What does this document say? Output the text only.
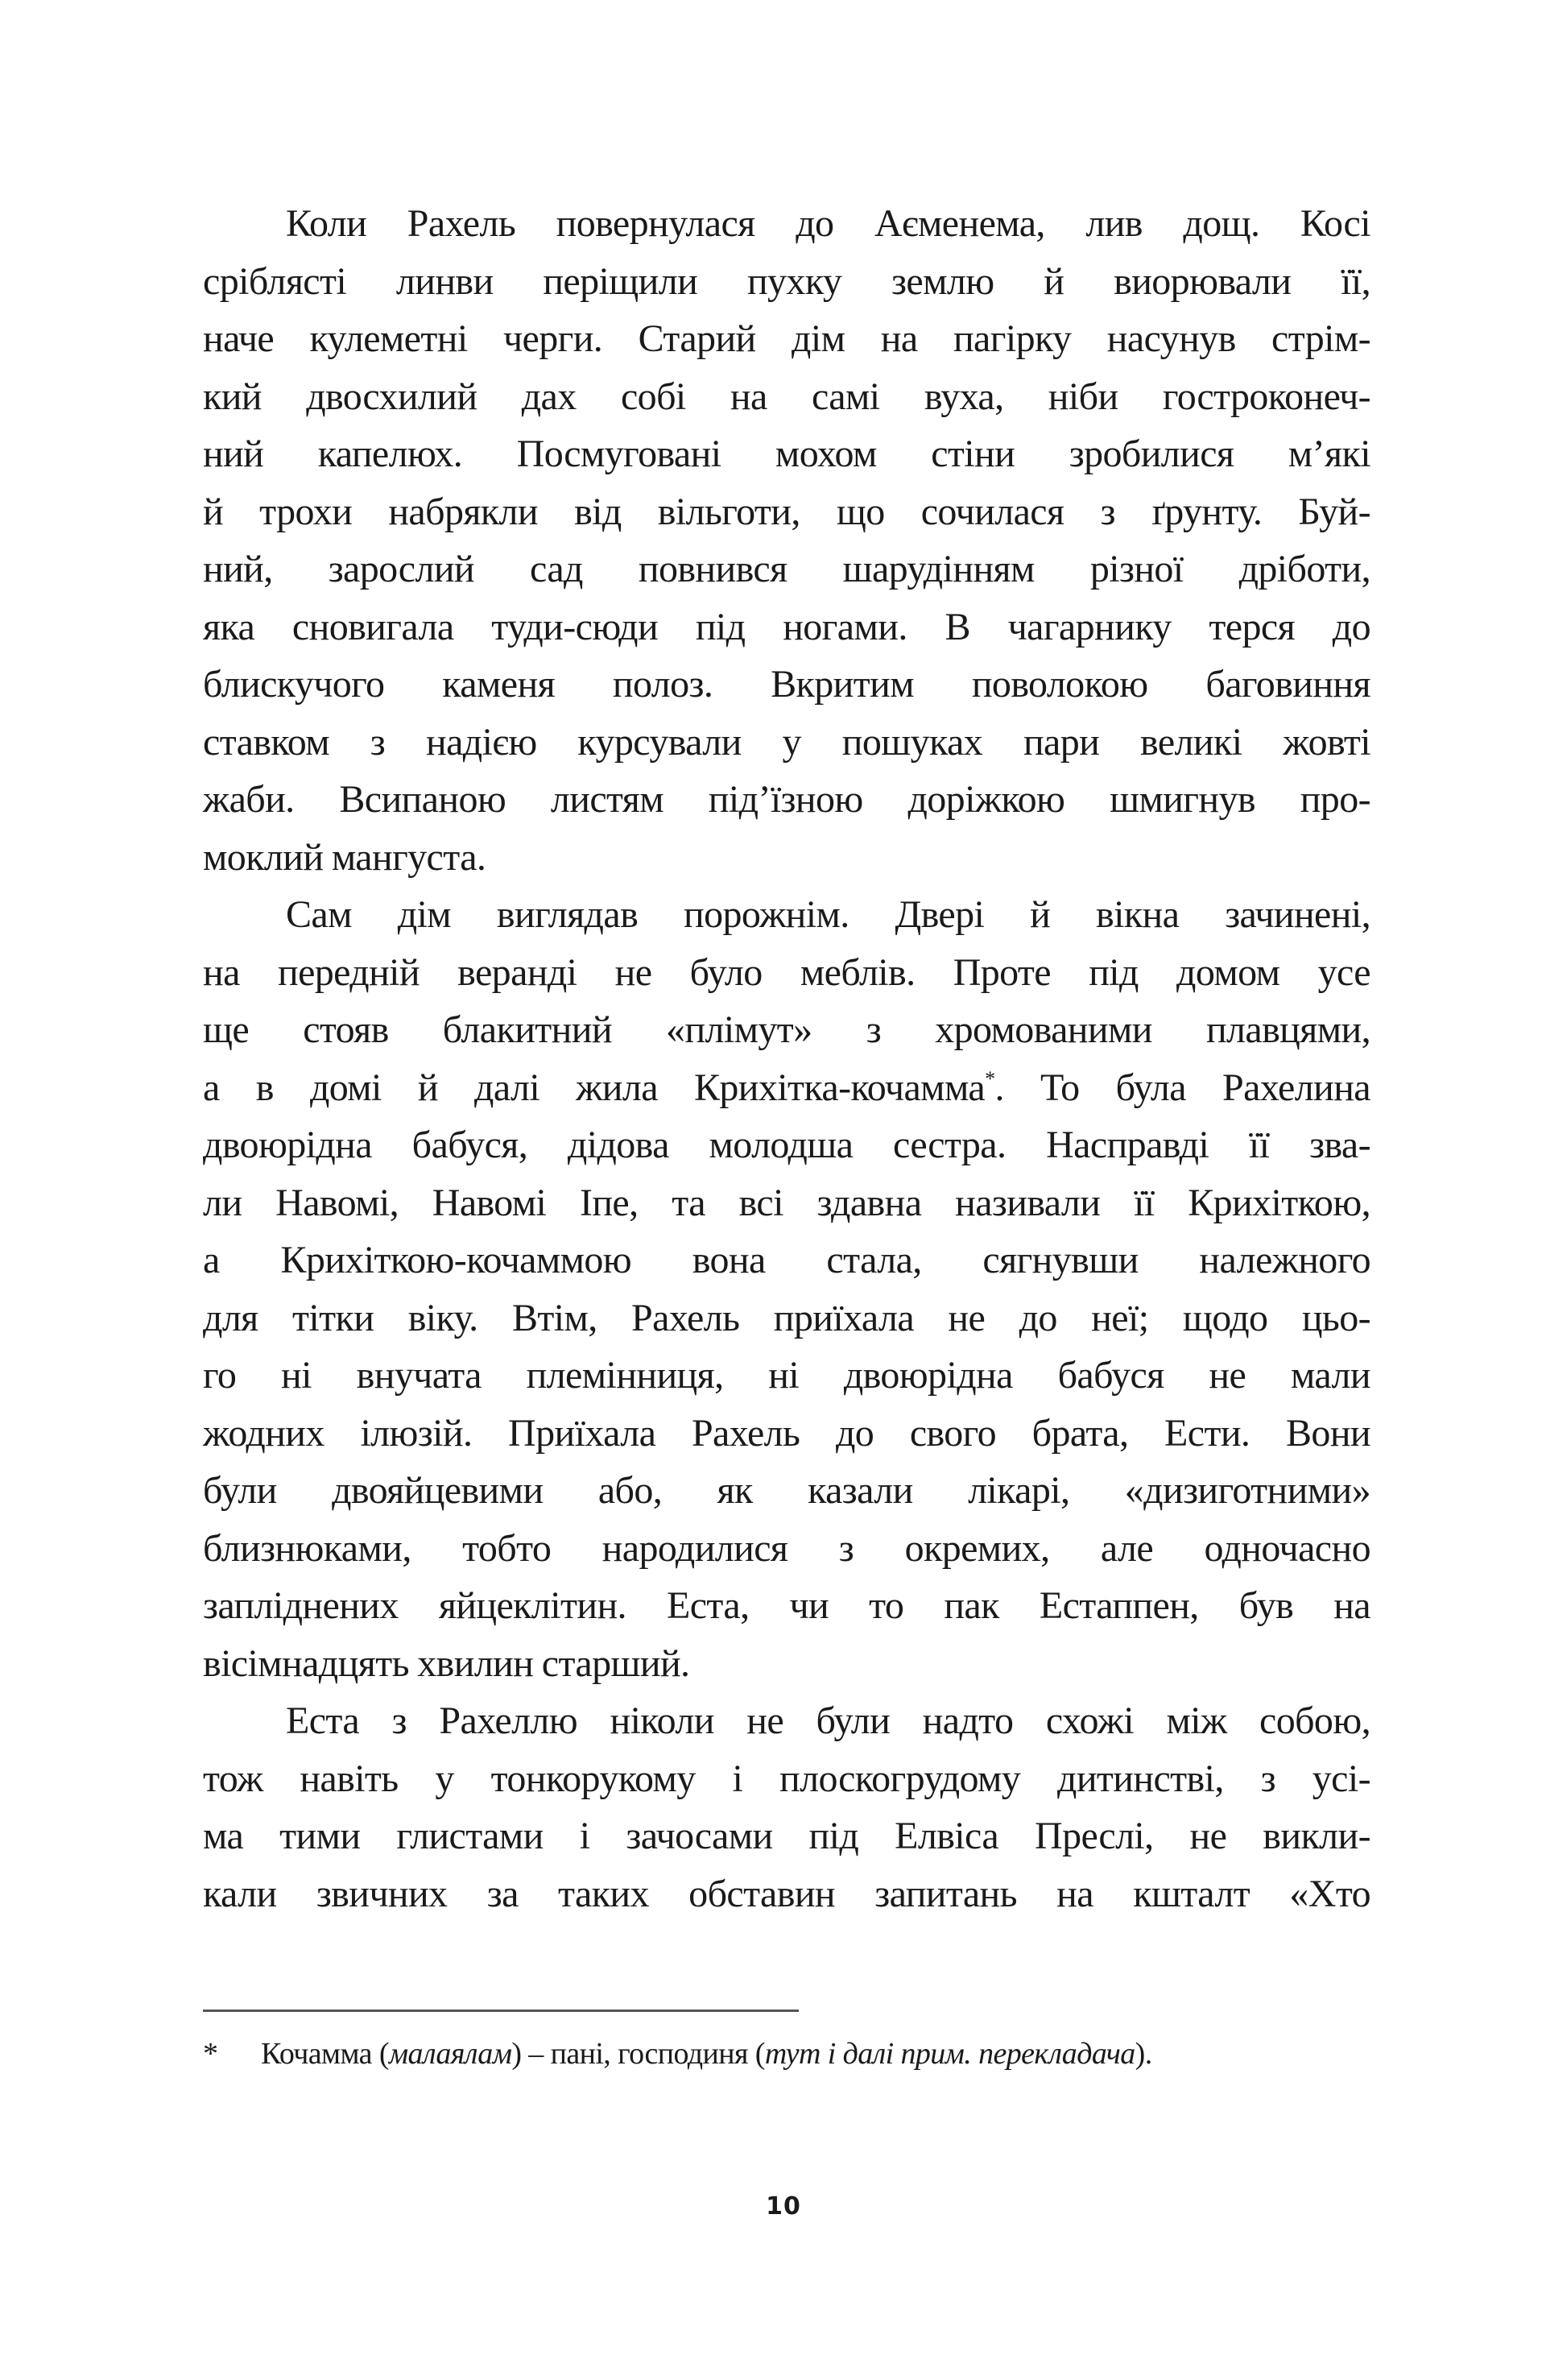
Коли Рахель повернулася до Аєменема, лив дощ. Косі
сріблясті линви періщили пухку землю й виорювали її,
наче кулеметні черги. Старий дім на пагірку насунув стрім-
кий двосхилий дах собі на самі вуха, ніби гостроконеч-
ний капелюх. Посмуговані мохом стіни зробилися м’які
й трохи набрякли від вільготи, що сочилася з ґрунту. Буй-
ний, зарослий сад повнився шарудінням різної дріботи,
яка сновигала туди-сюди під ногами. В чагарнику терся до
блискучого каменя полоз. Вкритим поволокою баговиння
ставком з надією курсували у пошуках пари великі жовті
жаби. Всипаною листям під’їзною доріжкою шмигнув про-
моклий мангуста.
Сам дім виглядав порожнім. Двері й вікна зачинені,
на передній веранді не було меблів. Проте під домом усе
ще стояв блакитний «плімут» з хромованими плавцями,
а в домі й далі жила Крихітка-кочамма*. То була Рахелина
двоюрідна бабуся, дідова молодша сестра. Насправді її зва-
ли Навомі, Навомі Іпе, та всі здавна називали її Крихіткою,
а Крихіткою-кочаммою вона стала, сягнувши належного
для тітки віку. Втім, Рахель приїхала не до неї; щодо цьо-
го ні внучата племінниця, ні двоюрідна бабуся не мали
жодних ілюзій. Приїхала Рахель до свого брата, Ести. Вони
були двояйцевими або, як казали лікарі, «дизиготними»
близнюками, тобто народилися з окремих, але одночасно
запліднених яйцеклітин. Еста, чи то пак Естаппен, був на
вісімнадцять хвилин старший.
Еста з Рахеллю ніколи не були надто схожі між собою,
тож навіть у тонкорукому і плоскогрудому дитинстві, з усі-
ма тими глистами і зачосами під Елвіса Преслі, не викли-
кали звичних за таких обставин запитань на кшталт «Хто
* Кочамма (малаялам) – пані, господиня (тут і далі прим. перекладача).
10
